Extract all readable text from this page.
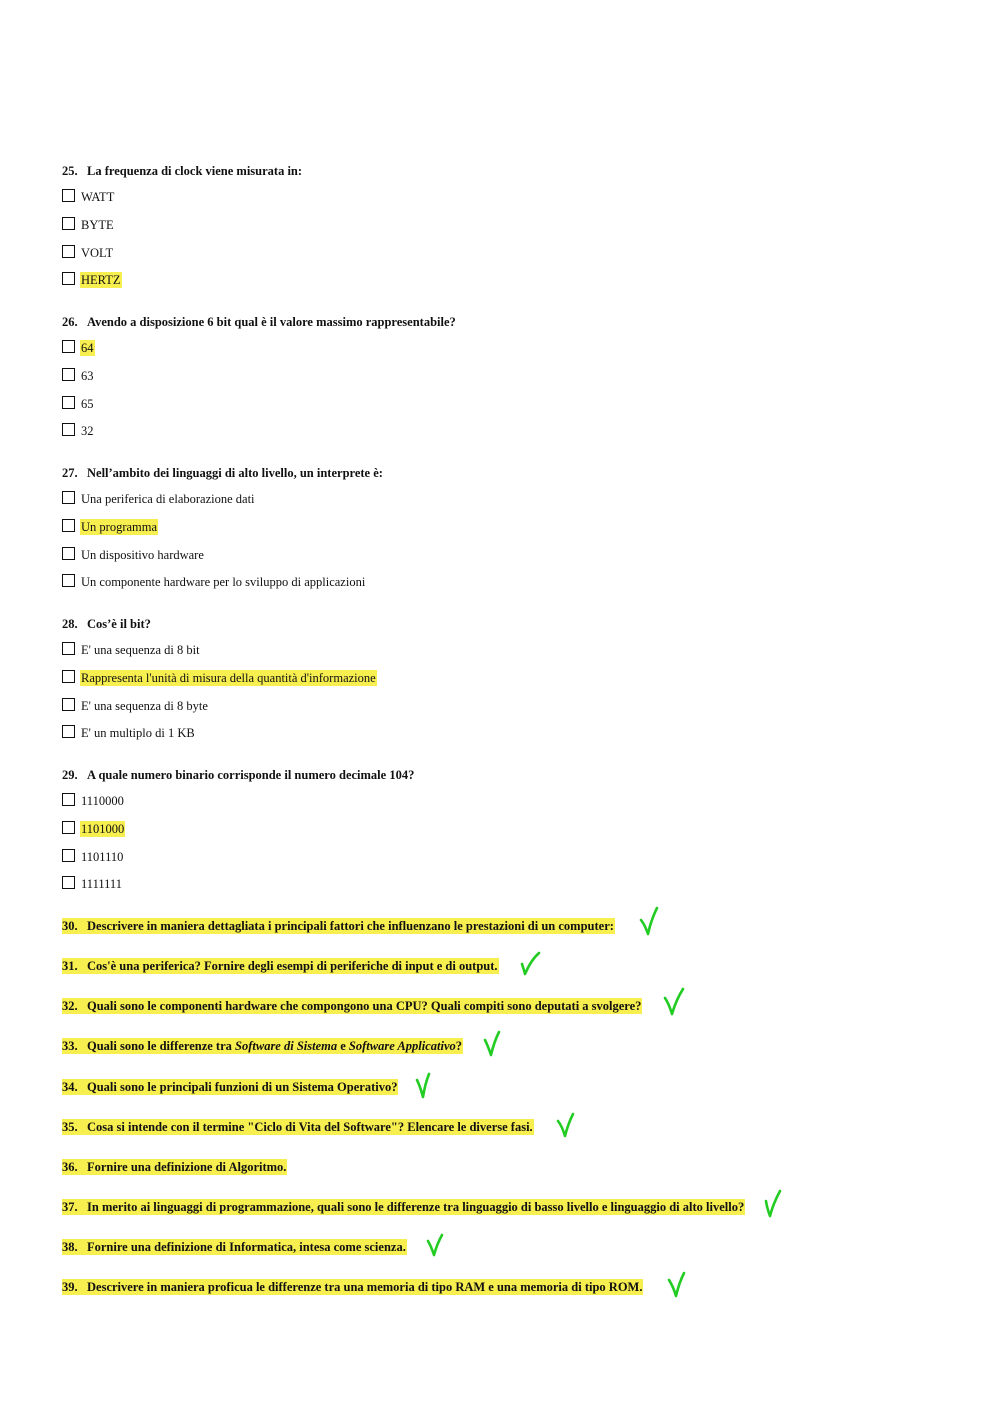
25. La frequenza di clock viene misurata in:
WATT
BYTE
VOLT
HERTZ
26. Avendo a disposizione 6 bit qual è il valore massimo rappresentabile?
64
63
65
32
27. Nell’ambito dei linguaggi di alto livello, un interprete è:
Una periferica di elaborazione dati
Un programma
Un dispositivo hardware
Un componente hardware per lo sviluppo di applicazioni
28. Cos’è il bit?
E' una sequenza di 8 bit
Rappresenta l'unità di misura della quantità d'informazione
E' una sequenza di 8 byte
E' un multiplo di 1 KB
29. A quale numero binario corrisponde il numero decimale 104?
1110000
1101000
1101110
1111111
30. Descrivere in maniera dettagliata i principali fattori che influenzano le prestazioni di un computer:
31. Cos'è una periferica? Fornire degli esempi di periferiche di input e di output.
32. Quali sono le componenti hardware che compongono una CPU? Quali compiti sono deputati a svolgere?
33. Quali sono le differenze tra Software di Sistema e Software Applicativo?
34. Quali sono le principali funzioni di un Sistema Operativo?
35. Cosa si intende con il termine "Ciclo di Vita del Software"? Elencare le diverse fasi.
36. Fornire una definizione di Algoritmo.
37. In merito ai linguaggi di programmazione, quali sono le differenze tra linguaggio di basso livello e linguaggio di alto livello?
38. Fornire una definizione di Informatica, intesa come scienza.
39. Descrivere in maniera proficua le differenze tra una memoria di tipo RAM e una memoria di tipo ROM.
